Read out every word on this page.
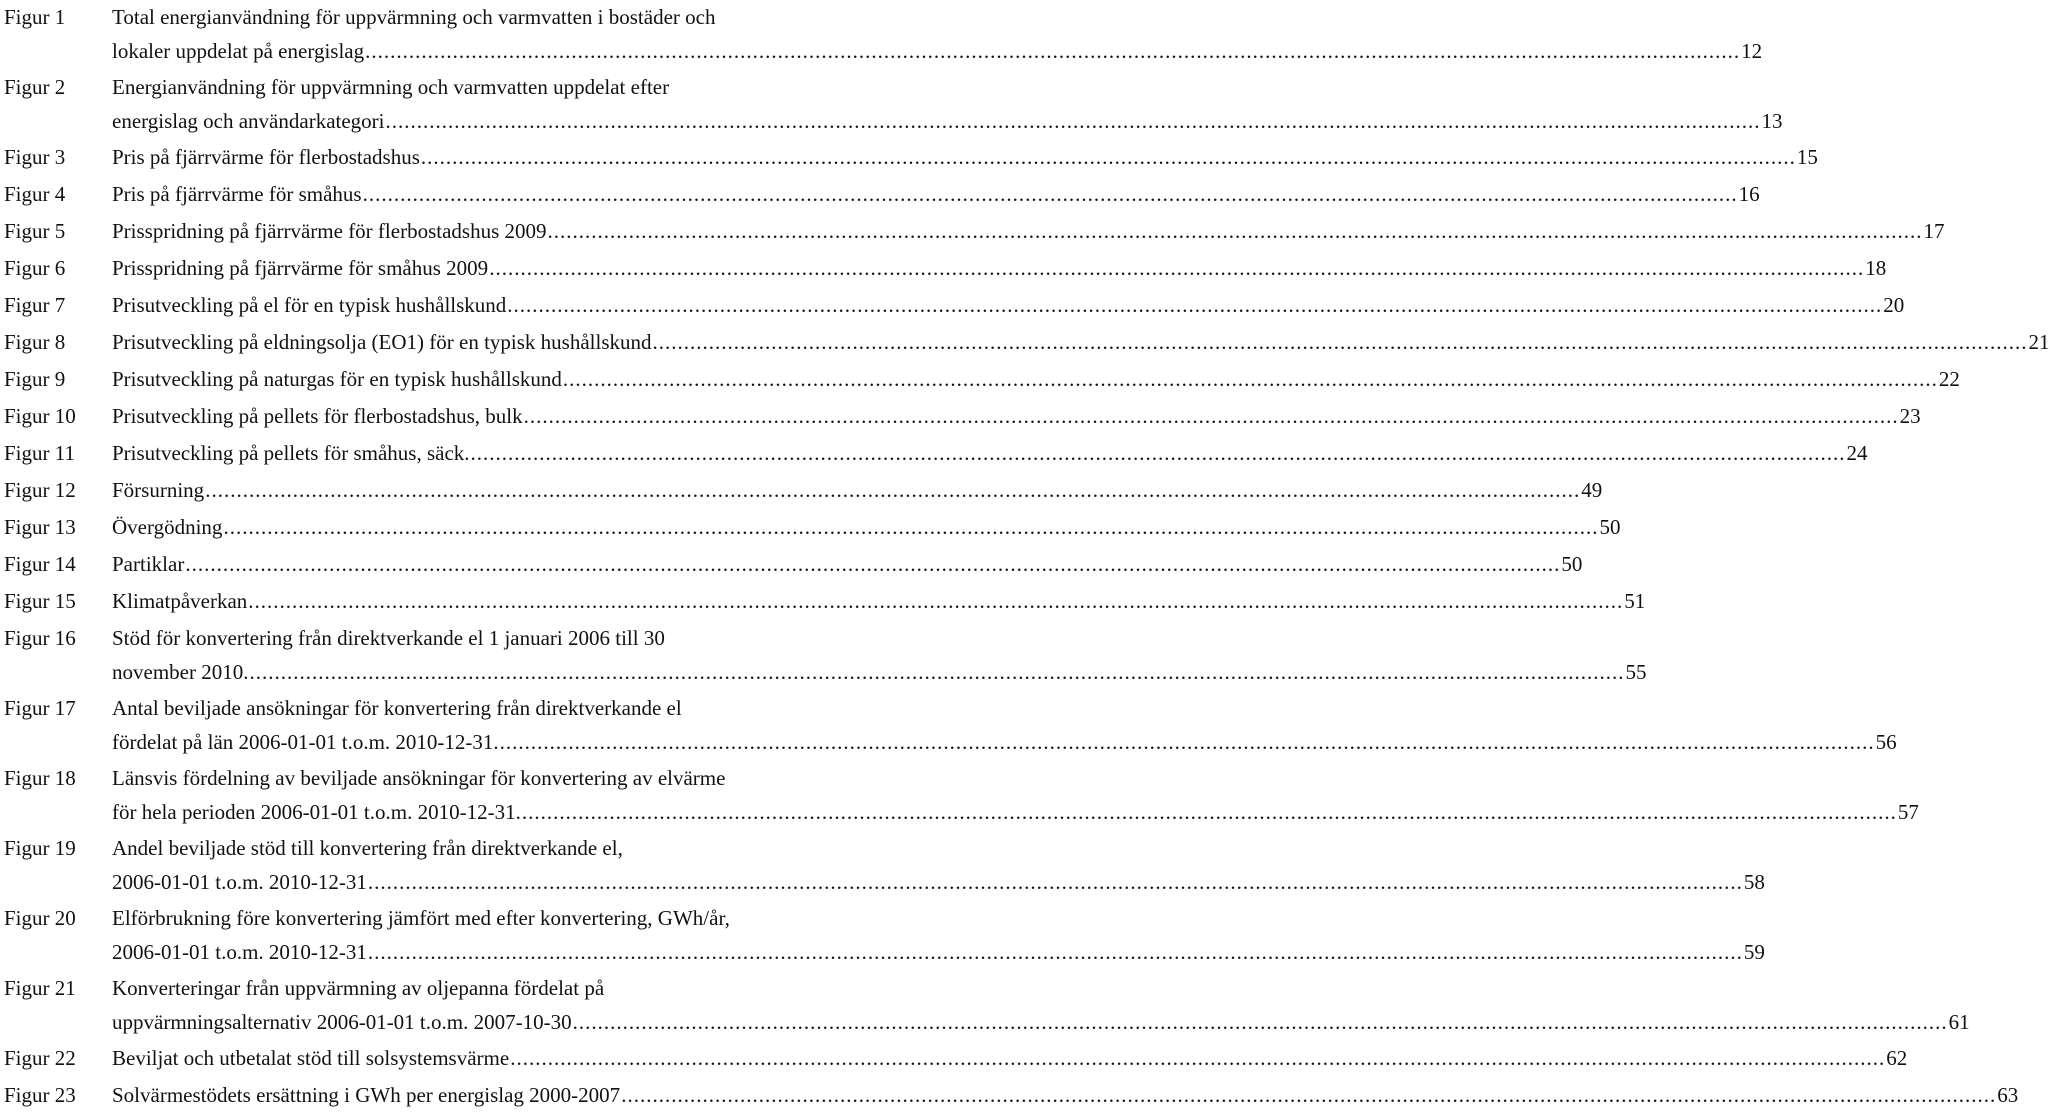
Figur 1 Total energianvändning för uppvärmning och varmvatten i bostäder och
lokaler uppdelat på energislag ............................................................................................................................................................................................................................ 12
Figur 2 Energianvändning för uppvärmning och varmvatten uppdelat efter
energislag och användarkategori ............................................................................................................................................................................................................................ 13
Figur 3 Pris på fjärrvärme för flerbostadshus ............................................................................................................................................................................................................................ 15
Figur 4 Pris på fjärrvärme för småhus ............................................................................................................................................................................................................................ 16
Figur 5 Prisspridning på fjärrvärme för flerbostadshus 2009 ............................................................................................................................................................................................................................ 17
Figur 6 Prisspridning på fjärrvärme för småhus 2009 ............................................................................................................................................................................................................................ 18
Figur 7 Prisutveckling på el för en typisk hushållskund ............................................................................................................................................................................................................................ 20
Figur 8 Prisutveckling på eldningsolja (EO1) för en typisk hushållskund ............................................................................................................................................................................................................................ 21
Figur 9 Prisutveckling på naturgas för en typisk hushållskund ............................................................................................................................................................................................................................ 22
Figur 10 Prisutveckling på pellets för flerbostadshus, bulk ............................................................................................................................................................................................................................ 23
Figur 11 Prisutveckling på pellets för småhus, säck. ............................................................................................................................................................................................................................ 24
Figur 12 Försurning ............................................................................................................................................................................................................................ 49
Figur 13 Övergödning ............................................................................................................................................................................................................................ 50
Figur 14 Partiklar ............................................................................................................................................................................................................................ 50
Figur 15 Klimatpåverkan ............................................................................................................................................................................................................................ 51
Figur 16 Stöd för konvertering från direktverkande el 1 januari 2006 till 30
november 2010. ............................................................................................................................................................................................................................ 55
Figur 17 Antal beviljade ansökningar för konvertering från direktverkande el
fördelat på län 2006-01-01 t.o.m. 2010-12-31. ............................................................................................................................................................................................................................ 56
Figur 18 Länsvis fördelning av beviljade ansökningar för konvertering av elvärme
för hela perioden 2006-01-01 t.o.m. 2010-12-31. ............................................................................................................................................................................................................................ 57
Figur 19 Andel beviljade stöd till konvertering från direktverkande el,
2006-01-01 t.o.m. 2010-12-31 ............................................................................................................................................................................................................................ 58
Figur 20 Elförbrukning före konvertering jämfört med efter konvertering, GWh/år,
2006-01-01 t.o.m. 2010-12-31 ............................................................................................................................................................................................................................ 59
Figur 21 Konverteringar från uppvärmning av oljepanna fördelat på
uppvärmningsalternativ 2006-01-01 t.o.m. 2007-10-30 ............................................................................................................................................................................................................................ 61
Figur 22 Beviljat och utbetalat stöd till solsystemsvärme ............................................................................................................................................................................................................................ 62
Figur 23 Solvärmestödets ersättning i GWh per energislag 2000-2007 ............................................................................................................................................................................................................................ 63
